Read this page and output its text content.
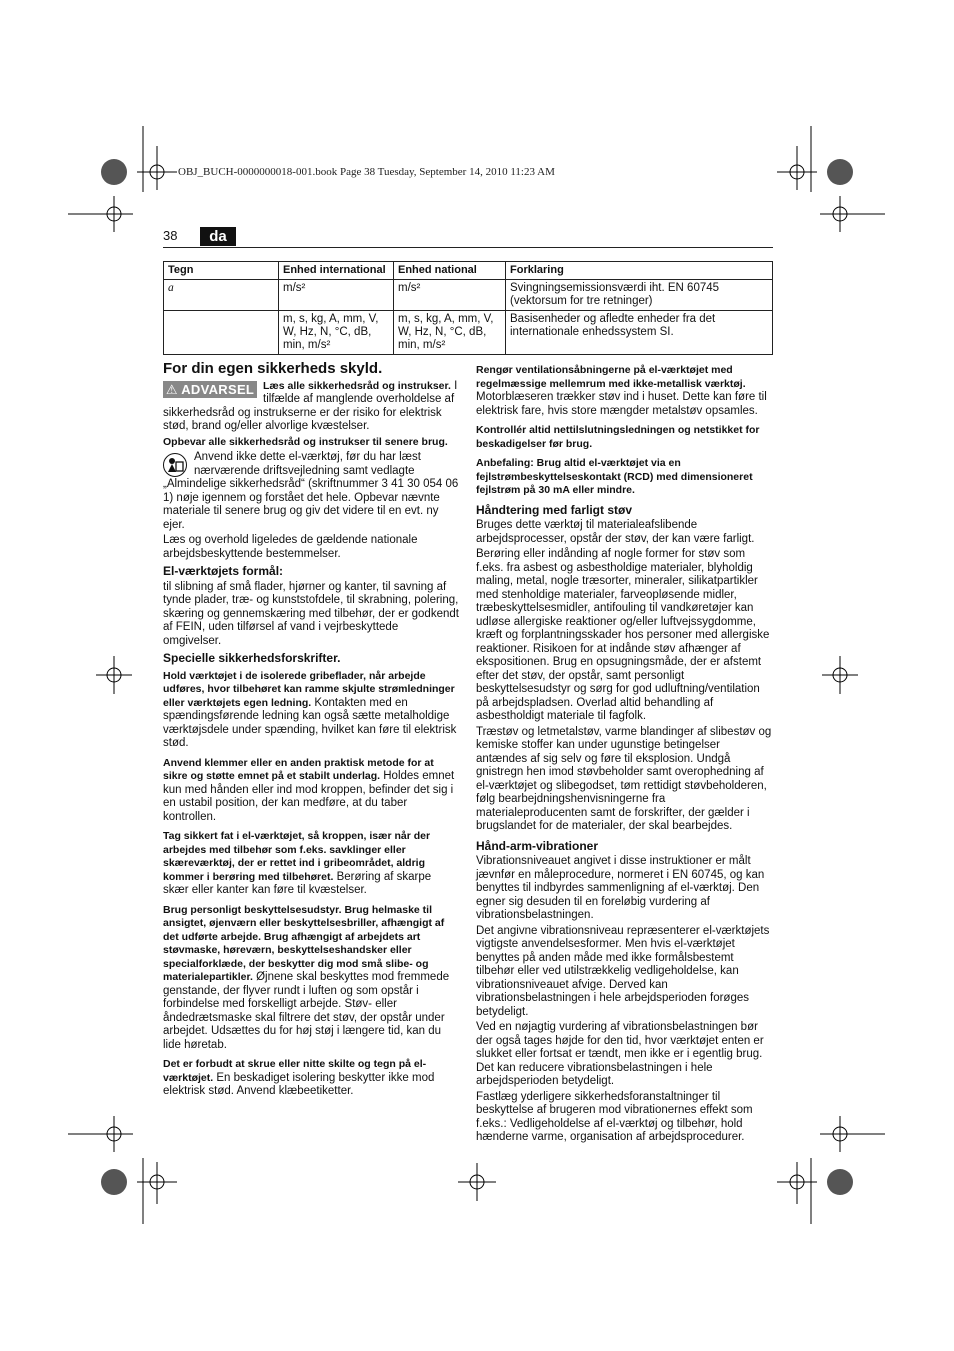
OBJ_BUCH-0000000018-001.book Page 38 Tuesday, September 14, 2010 11:23 AM
38	da
Tegn	Enhed international	Enhed national	Forklaring
a	m/s²	m/s²	Svingningsemissionsværdi iht. EN 60745 (vektorsum for tre retninger)
	m, s, kg, A, mm, V, W, Hz, N, °C, dB, min, m/s²	m, s, kg, A, mm, V, W, Hz, N, °C, dB, min, m/s²	Basisenheder og afledte enheder fra det internationale enhedssystem SI.
For din egen sikkerheds skyld.

⚠ ADVARSEL Læs alle sikkerhedsråd og instrukser. I tilfælde af manglende overholdelse af sikkerhedsråd og instrukserne er der risiko for elektrisk stød, brand og/eller alvorlige kvæstelser.

Opbevar alle sikkerhedsråd og instrukser til senere brug.

Anvend ikke dette el-værktøj, før du har læst nærværende driftsvejledning samt vedlagte „Almindelige sikkerhedsråd“ (skriftnummer 3 41 30 054 06 1) nøje igennem og forstået det hele. Opbevar nævnte materiale til senere brug og giv det videre til en evt. ny ejer.

Læs og overhold ligeledes de gældende nationale arbejdsbeskyttende bestemmelser.

El-værktøjets formål:

til slibning af små flader, hjørner og kanter, til savning af tynde plader, træ- og kunststofdele, til skrabning, polering, skæring og gennemskæring med tilbehør, der er godkendt af FEIN, uden tilførsel af vand i vejrbeskyttede omgivelser.

Specielle sikkerhedsforskrifter.

Hold værktøjet i de isolerede gribeflader, når arbejde udføres, hvor tilbehøret kan ramme skjulte strømledninger eller værktøjets egen ledning. Kontakten med en spændingsførende ledning kan også sætte metalholdige værktøjsdele under spænding, hvilket kan føre til elektrisk stød.

Anvend klemmer eller en anden praktisk metode for at sikre og støtte emnet på et stabilt underlag. Holdes emnet kun med hånden eller ind mod kroppen, befinder det sig i en ustabil position, der kan medføre, at du taber kontrollen.

Tag sikkert fat i el-værktøjet, så kroppen, især når der arbejdes med tilbehør som f.eks. savklinger eller skæreværktøj, der er rettet ind i gribeområdet, aldrig kommer i berøring med tilbehøret. Berøring af skarpe skær eller kanter kan føre til kvæstelser.

Brug personligt beskyttelsesudstyr. Brug helmaske til ansigtet, øjenværn eller beskyttelsesbriller, afhængigt af det udførte arbejde. Brug afhængigt af arbejdets art støvmaske, høreværn, beskyttelseshandsker eller specialforklæde, der beskytter dig mod små slibe- og materialepartikler. Øjnene skal beskyttes mod fremmede genstande, der flyver rundt i luften og som opstår i forbindelse med forskelligt arbejde. Støv- eller åndedrætsmaske skal filtrere det støv, der opstår under arbejdet. Udsættes du for høj støj i længere tid, kan du lide høretab.

Det er forbudt at skrue eller nitte skilte og tegn på el-værktøjet. En beskadiget isolering beskytter ikke mod elektrisk stød. Anvend klæbeetiketter.

Rengør ventilationsåbningerne på el-værktøjet med regelmæssige mellemrum med ikke-metallisk værktøj.
Motorblæseren trækker støv ind i huset. Dette kan føre til elektrisk fare, hvis store mængder metalstøv opsamles.

Kontrollér altid nettilslutningsledningen og netstikket for beskadigelser før brug.

Anbefaling: Brug altid el-værktøjet via en fejlstrømbeskyttelseskontakt (RCD) med dimensioneret fejlstrøm på 30 mA eller mindre.

Håndtering med farligt støv

Bruges dette værktøj til materialeafslibende arbejdsprocesser, opstår der støv, der kan være farligt.

Berøring eller indånding af nogle former for støv som f.eks. fra asbest og asbestholdige materialer, blyholdig maling, metal, nogle træsorter, mineraler, silikatpartikler med stenholdige materialer, farveopløsende midler, træbeskyttelsesmidler, antifouling til vandkøretøjer kan udløse allergiske reaktioner og/eller luftvejssygdomme, kræft og forplantningsskader hos personer med allergiske reaktioner. Risikoen for at indånde støv afhænger af ekspositionen. Brug en opsugningsmåde, der er afstemt efter det støv, der opstår, samt personligt beskyttelsesudstyr og sørg for god udluftning/ventilation på arbejdspladsen. Overlad altid behandling af asbestholdigt materiale til fagfolk.

Træstøv og letmetalstøv, varme blandinger af slibestøv og kemiske stoffer kan under ugunstige betingelser antændes af sig selv og føre til eksplosion. Undgå gnistregn hen imod støvbeholder samt overophedning af el-værktøjet og slibegodset, tøm rettidigt støvbeholderen, følg bearbejdningshenvisningerne fra materialeproducenten samt de forskrifter, der gælder i brugslandet for de materialer, der skal bearbejdes.

Hånd-arm-vibrationer

Vibrationsniveauet angivet i disse instruktioner er målt jævnfør en måleprocedure, normeret i EN 60745, og kan benyttes til indbyrdes sammenligning af el-værktøj. Den egner sig desuden til en foreløbig vurdering af vibrationsbelastningen.

Det angivne vibrationsniveau repræsenterer el-værktøjets vigtigste anvendelsesformer. Men hvis el-værktøjet benyttes på anden måde med ikke formålsbestemt tilbehør eller ved utilstrækkelig vedligeholdelse, kan vibrationsniveauet afvige. Derved kan vibrationsbelastningen i hele arbejdsperioden forøges betydeligt.

Ved en nøjagtig vurdering af vibrationsbelastningen bør der også tages højde for den tid, hvor værktøjet enten er slukket eller fortsat er tændt, men ikke er i egentlig brug. Det kan reducere vibrationsbelastningen i hele arbejdsperioden betydeligt.

Fastlæg yderligere sikkerhedsforanstaltninger til beskyttelse af brugeren mod vibrationernes effekt som f.eks.: Vedligeholdelse af el-værktøj og tilbehør, hold hænderne varme, organisation af arbejdsprocedurer.
